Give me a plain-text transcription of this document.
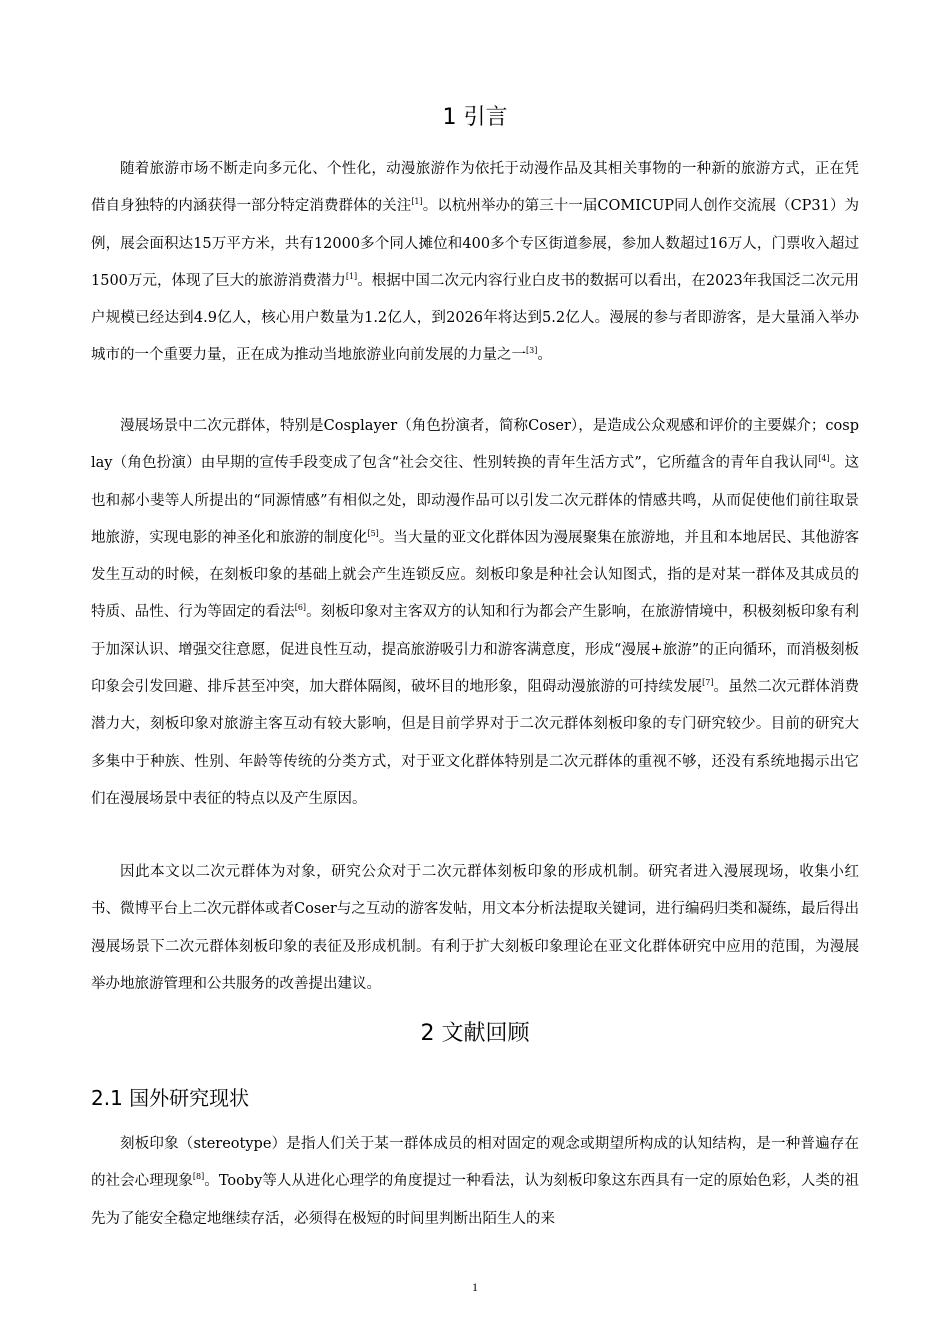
1 引言

随着旅游市场不断走向多元化、个性化，动漫旅游作为依托于动漫作品及其相关事物的一种新的旅游方式，正在凭借自身独特的内涵获得一部分特定消费群体的关注[1]。以杭州举办的第三十一届COMICUP同人创作交流展（CP31）为例，展会面积达15万平方米，共有12000多个同人摊位和400多个专区街道参展，参加人数超过16万人，门票收入超过1500万元，体现了巨大的旅游消费潜力[1]。根据中国二次元内容行业白皮书的数据可以看出，在2023年我国泛二次元用户规模已经达到4.9亿人，核心用户数量为1.2亿人，到2026年将达到5.2亿人。漫展的参与者即游客，是大量涌入举办城市的一个重要力量，正在成为推动当地旅游业向前发展的力量之一[3]。

漫展场景中二次元群体，特别是Cosplayer（角色扮演者，简称Coser），是造成公众观感和评价的主要媒介；cosplay（角色扮演）由早期的宣传手段变成了包含“社会交往、性别转换的青年生活方式”，它所蕴含的青年自我认同[4]。这也和郝小斐等人所提出的“同源情感”有相似之处，即动漫作品可以引发二次元群体的情感共鸣，从而促使他们前往取景地旅游，实现电影的神圣化和旅游的制度化[5]。当大量的亚文化群体因为漫展聚集在旅游地，并且和本地居民、其他游客发生互动的时候，在刻板印象的基础上就会产生连锁反应。刻板印象是种社会认知图式，指的是对某一群体及其成员的特质、品性、行为等固定的看法[6]。刻板印象对主客双方的认知和行为都会产生影响，在旅游情境中，积极刻板印象有利于加深认识、增强交往意愿，促进良性互动，提高旅游吸引力和游客满意度，形成“漫展+旅游”的正向循环，而消极刻板印象会引发回避、排斥甚至冲突，加大群体隔阂，破坏目的地形象，阻碍动漫旅游的可持续发展[7]。虽然二次元群体消费潜力大，刻板印象对旅游主客互动有较大影响，但是目前学界对于二次元群体刻板印象的专门研究较少。目前的研究大多集中于种族、性别、年龄等传统的分类方式，对于亚文化群体特别是二次元群体的重视不够，还没有系统地揭示出它们在漫展场景中表征的特点以及产生原因。

因此本文以二次元群体为对象，研究公众对于二次元群体刻板印象的形成机制。研究者进入漫展现场，收集小红书、微博平台上二次元群体或者Coser与之互动的游客发帖，用文本分析法提取关键词，进行编码归类和凝练，最后得出漫展场景下二次元群体刻板印象的表征及形成机制。有利于扩大刻板印象理论在亚文化群体研究中应用的范围，为漫展举办地旅游管理和公共服务的改善提出建议。

2 文献回顾
2.1 国外研究现状

刻板印象（stereotype）是指人们关于某一群体成员的相对固定的观念或期望所构成的认知结构，是一种普遍存在的社会心理现象[8]。Tooby等人从进化心理学的角度提过一种看法，认为刻板印象这东西具有一定的原始色彩，人类的祖先为了能安全稳定地继续存活，必须得在极短的时间里判断出陌生人的来

1
